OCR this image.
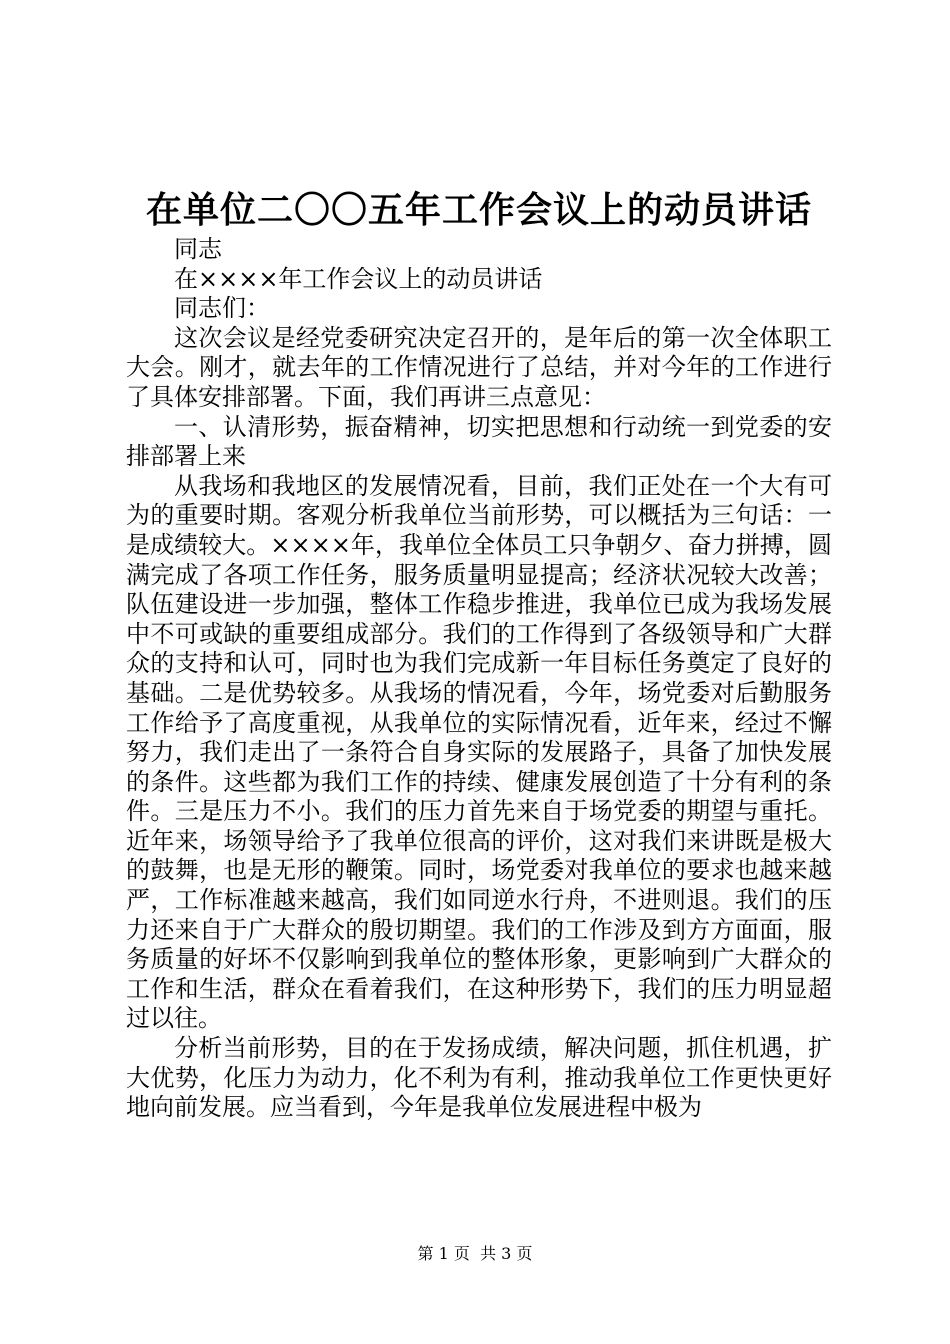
在单位二〇〇五年工作会议上的动员讲话

同志

在××××年工作会议上的动员讲话

同志们：

这次会议是经党委研究决定召开的，是年后的第一次全体职工大会。刚才，就去年的工作情况进行了总结，并对今年的工作进行了具体安排部署。下面，我们再讲三点意见：

一、认清形势，振奋精神，切实把思想和行动统一到党委的安排部署上来

从我场和我地区的发展情况看，目前，我们正处在一个大有可为的重要时期。客观分析我单位当前形势，可以概括为三句话：一是成绩较大。××××年，我单位全体员工只争朝夕、奋力拼搏，圆满完成了各项工作任务，服务质量明显提高；经济状况较大改善；队伍建设进一步加强，整体工作稳步推进，我单位已成为我场发展中不可或缺的重要组成部分。我们的工作得到了各级领导和广大群众的支持和认可，同时也为我们完成新一年目标任务奠定了良好的基础。二是优势较多。从我场的情况看，今年，场党委对后勤服务工作给予了高度重视，从我单位的实际情况看，近年来，经过不懈努力，我们走出了一条符合自身实际的发展路子，具备了加快发展的条件。这些都为我们工作的持续、健康发展创造了十分有利的条件。三是压力不小。我们的压力首先来自于场党委的期望与重托。近年来，场领导给予了我单位很高的评价，这对我们来讲既是极大的鼓舞，也是无形的鞭策。同时，场党委对我单位的要求也越来越严，工作标准越来越高，我们如同逆水行舟，不进则退。我们的压力还来自于广大群众的殷切期望。我们的工作涉及到方方面面，服务质量的好坏不仅影响到我单位的整体形象，更影响到广大群众的工作和生活，群众在看着我们，在这种形势下，我们的压力明显超过以往。

分析当前形势，目的在于发扬成绩，解决问题，抓住机遇，扩大优势，化压力为动力，化不利为有利，推动我单位工作更快更好地向前发展。应当看到，今年是我单位发展进程中极为

第 1 页  共 3 页
